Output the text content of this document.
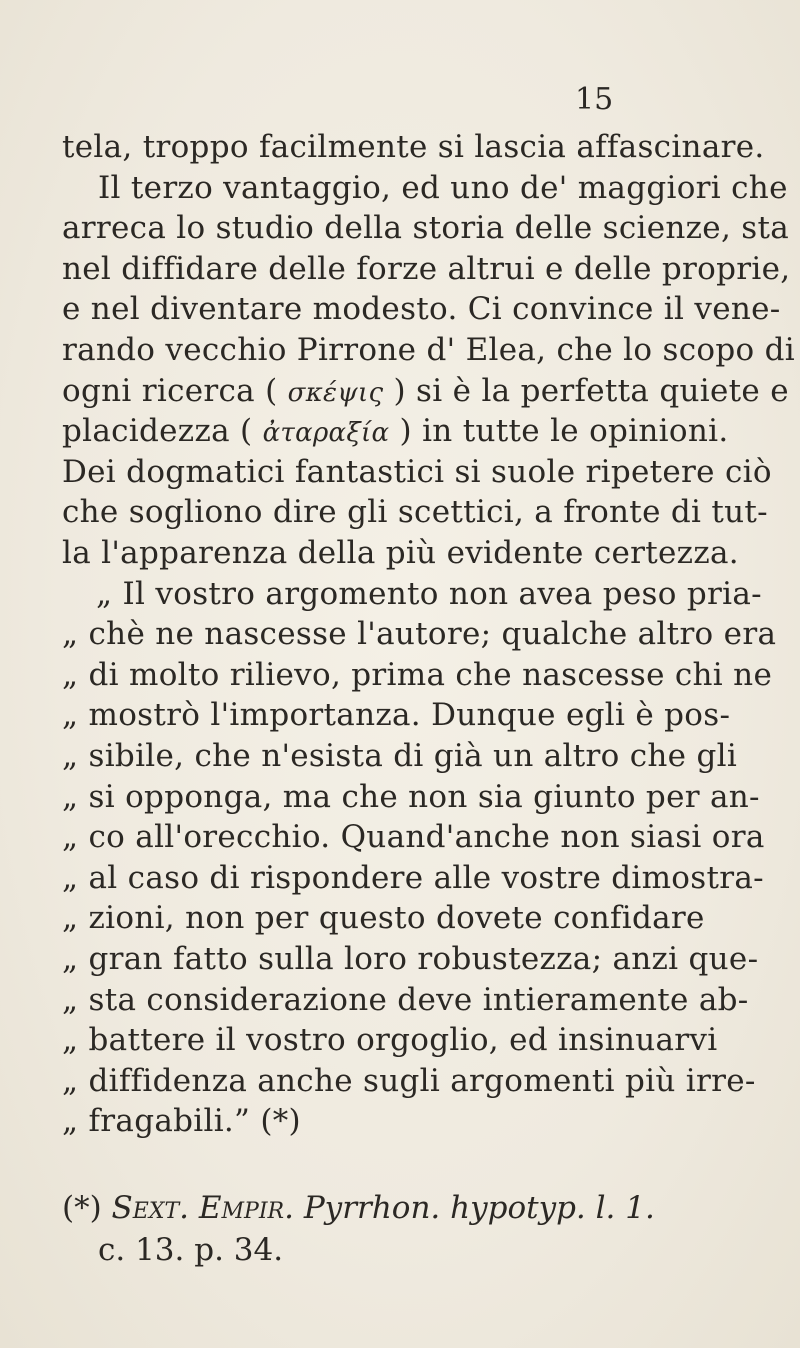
15
tela, troppo facilmente si lascia affascinare.
Il terzo vantaggio, ed uno de' maggiori che
arreca lo studio della storia delle scienze, sta
nel diffidare delle forze altrui e delle proprie,
e nel diventare modesto. Ci convince il vene-
rando vecchio Pirrone d' Elea, che lo scopo di
ogni ricerca ( σκέψις ) si è la perfetta quiete e
placidezza ( ἀταραξία ) in tutte le opinioni.
Dei dogmatici fantastici si suole ripetere ciò
che sogliono dire gli scettici, a fronte di tut-
la l'apparenza della più evidente certezza.
„ Il vostro argomento non avea peso pria-
„ chè ne nascesse l'autore; qualche altro era
„ di molto rilievo, prima che nascesse chi ne
„ mostrò l'importanza. Dunque egli è pos-
„ sibile, che n'esista di già un altro che gli
„ si opponga, ma che non sia giunto per an-
„ co all'orecchio. Quand'anche non siasi ora
„ al caso di rispondere alle vostre dimostra-
„ zioni, non per questo dovete confidare
„ gran fatto sulla loro robustezza; anzi que-
„ sta considerazione deve intieramente ab-
„ battere il vostro orgoglio, ed insinuarvi
„ diffidenza anche sugli argomenti più irre-
„ fragabili.” (*)
(*) Sext. Empir. Pyrrhon. hypotyp. l. 1.
c. 13. p. 34.
